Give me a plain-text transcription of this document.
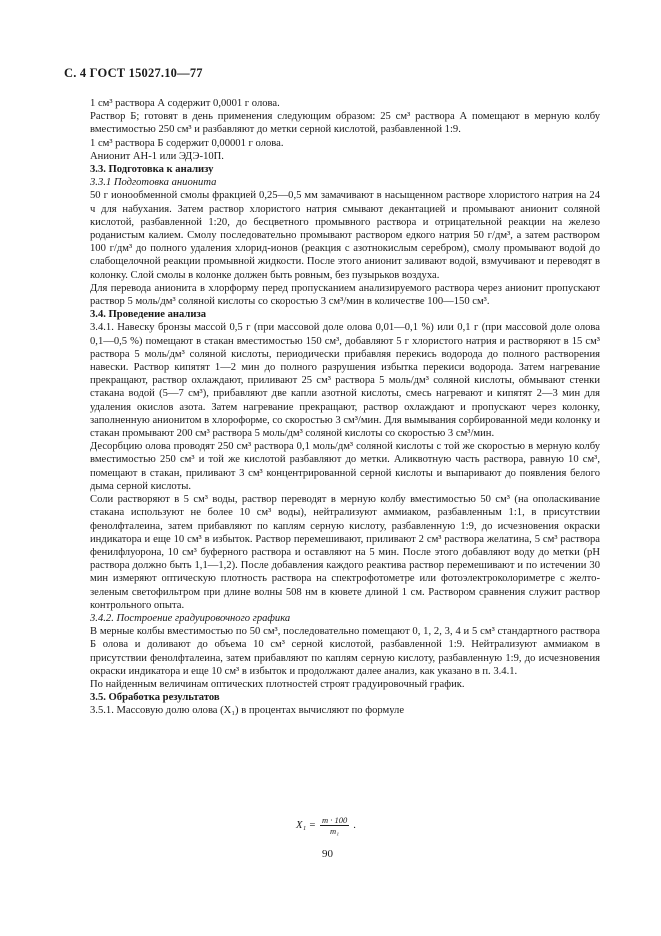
С. 4 ГОСТ 15027.10—77

1 см³ раствора А содержит 0,0001 г олова.

Раствор Б; готовят в день применения следующим образом: 25 см³ раствора А помещают в мерную колбу вместимостью 250 см³ и разбавляют до метки серной кислотой, разбавленной 1:9.

1 см³ раствора Б содержит 0,00001 г олова.

Анионит АН-1 или ЭДЭ-10П.

3.3. Подготовка к анализу

3.3.1 Подготовка анионита

50 г ионообменной смолы фракцией 0,25—0,5 мм замачивают в насыщенном растворе хлористого натрия на 24 ч для набухания. Затем раствор хлористого натрия смывают декантацией и промывают анионит соляной кислотой, разбавленной 1:20, до бесцветного промывного раствора и отрицательной реакции на железо роданистым калием. Смолу последовательно промывают раствором едкого натрия 50 г/дм³, а затем раствором 100 г/дм³ до полного удаления хлорид-ионов (реакция с азотнокислым серебром), смолу промывают водой до слабощелочной реакции промывной жидкости. После этого анионит заливают водой, взмучивают и переводят в колонку. Слой смолы в колонке должен быть ровным, без пузырьков воздуха.

Для перевода анионита в хлорформу перед пропусканием анализируемого раствора через анионит пропускают раствор 5 моль/дм³ соляной кислоты со скоростью 3 см³/мин в количестве 100—150 см³.

3.4. Проведение анализа

3.4.1. Навеску бронзы массой 0,5 г (при массовой доле олова 0,01—0,1 %) или 0,1 г (при массовой доле олова 0,1—0,5 %) помещают в стакан вместимостью 150 см³, добавляют 5 г хлористого натрия и растворяют в 15 см³ раствора 5 моль/дм³ соляной кислоты, периодически прибавляя перекись водорода до полного растворения навески. Раствор кипятят 1—2 мин до полного разрушения избытка перекиси водорода. Затем нагревание прекращают, раствор охлаждают, приливают 25 см³ раствора 5 моль/дм³ соляной кислоты, обмывают стенки стакана водой (5—7 см³), прибавляют две капли азотной кислоты, смесь нагревают и кипятят 2—3 мин для удаления окислов азота. Затем нагревание прекращают, раствор охлаждают и пропускают через колонку, заполненную анионитом в хлороформе, со скоростью 3 см³/мин. Для вымывания сорбированной меди колонку и стакан промывают 200 см³ раствора 5 моль/дм³ соляной кислоты со скоростью 3 см³/мин.

Десорбцию олова проводят 250 см³ раствора 0,1 моль/дм³ соляной кислоты с той же скоростью в мерную колбу вместимостью 250 см³ и той же кислотой разбавляют до метки. Аликвотную часть раствора, равную 10 см³, помещают в стакан, приливают 3 см³ концентрированной серной кислоты и выпаривают до появления белого дыма серной кислоты.

Соли растворяют в 5 см³ воды, раствор переводят в мерную колбу вместимостью 50 см³ (на ополаскивание стакана используют не более 10 см³ воды), нейтрализуют аммиаком, разбавленным 1:1, в присутствии фенолфталеина, затем прибавляют по каплям серную кислоту, разбавленную 1:9, до исчезновения окраски индикатора и еще 10 см³ в избыток. Раствор перемешивают, приливают 2 см³ раствора желатина, 5 см³ раствора фенилфлуорона, 10 см³ буферного раствора и оставляют на 5 мин. После этого добавляют воду до метки (pH раствора должно быть 1,1—1,2). После добавления каждого реактива раствор перемешивают и по истечении 30 мин измеряют оптическую плотность раствора на спектрофотометре или фотоэлектроколориметре с желто-зеленым светофильтром при длине волны 508 нм в кювете длиной 1 см. Раствором сравнения служит раствор контрольного опыта.

3.4.2. Построение градуировочного графика

В мерные колбы вместимостью по 50 см³, последовательно помещают 0, 1, 2, 3, 4 и 5 см³ стандартного раствора Б олова и доливают до объема 10 см³ серной кислотой, разбавленной 1:9. Нейтрализуют аммиаком в присутствии фенолфталеина, затем прибавляют по каплям серную кислоту, разбавленную 1:9, до исчезновения окраски индикатора и еще 10 см³ в избыток и продолжают далее анализ, как указано в п. 3.4.1.

По найденным величинам оптических плотностей строят градуировочный график.

3.5. Обработка результатов

3.5.1. Массовую долю олова (X₁) в процентах вычисляют по формуле

$X_1 = \frac{m \cdot 100}{\text{m₁}}$ .
90
